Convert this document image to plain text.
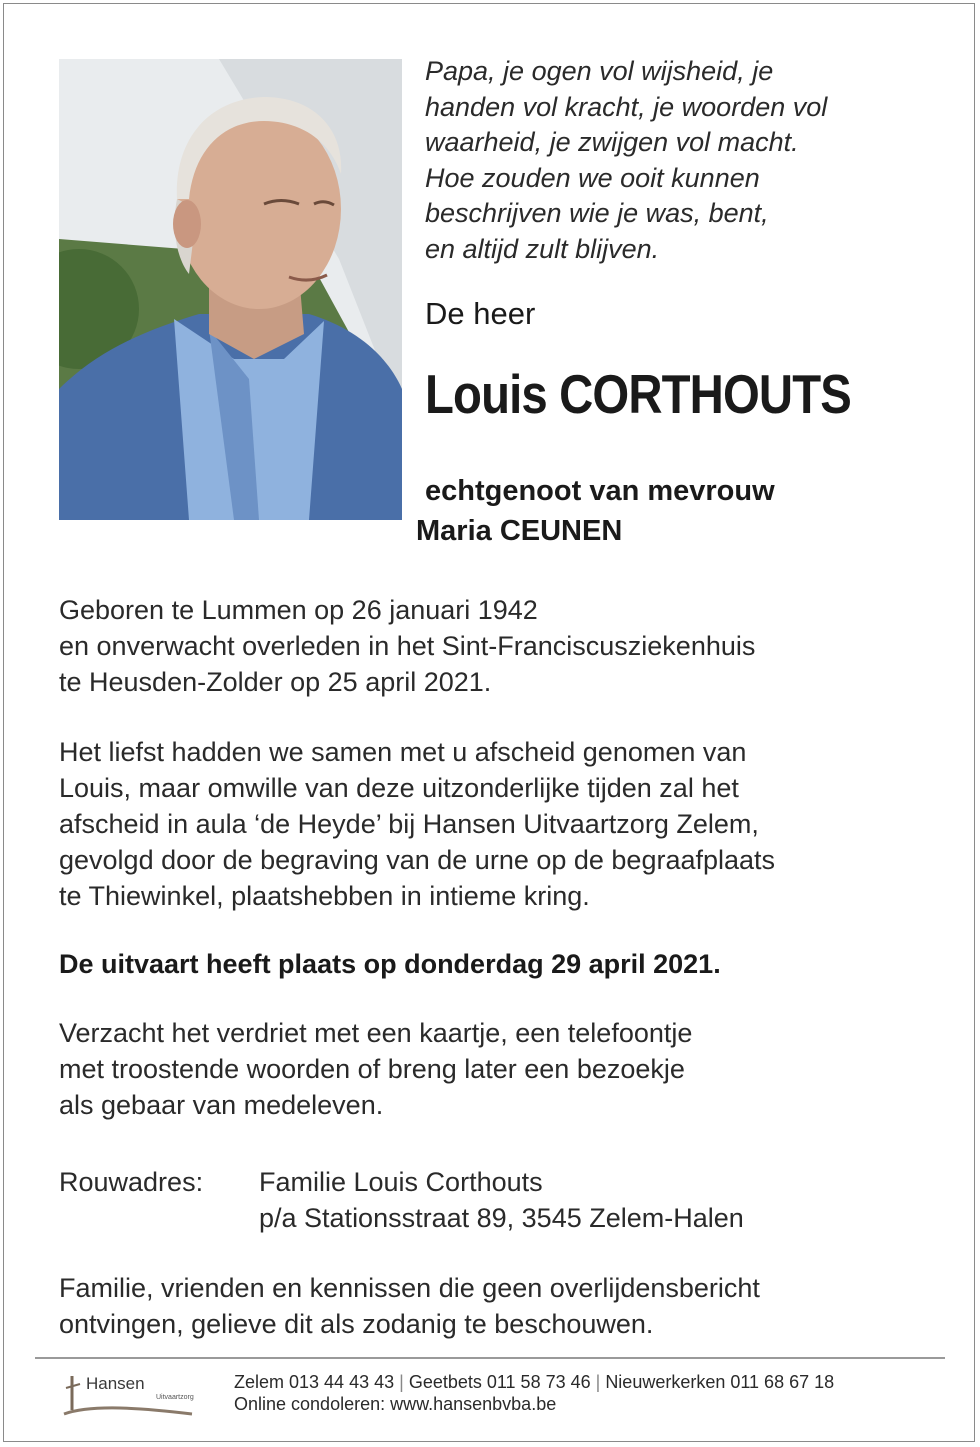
Papa, je ogen vol wijsheid, je
handen vol kracht, je woorden vol
waarheid, je zwijgen vol macht.
Hoe zouden we ooit kunnen
beschrijven wie je was, bent,
en altijd zult blijven.
De heer
Louis CORTHOUTS
echtgenoot van mevrouw
Maria CEUNEN
Geboren te Lummen op 26 januari 1942
en onverwacht overleden in het Sint-Franciscusziekenhuis
te Heusden-Zolder op 25 april 2021.
Het liefst hadden we samen met u afscheid genomen van
Louis, maar omwille van deze uitzonderlijke tijden zal het
afscheid in aula ‘de Heyde’ bij Hansen Uitvaartzorg Zelem,
gevolgd door de begraving van de urne op de begraafplaats
te Thiewinkel, plaatshebben in intieme kring.
De uitvaart heeft plaats op donderdag 29 april 2021.
Verzacht het verdriet met een kaartje, een telefoontje
met troostende woorden of breng later een bezoekje
als gebaar van medeleven.
Rouwadres: Familie Louis Corthouts
p/a Stationsstraat 89, 3545 Zelem-Halen
Familie, vrienden en kennissen die geen overlijdensbericht
ontvingen, gelieve dit als zodanig te beschouwen.
Hansen
Uitvaartzorg
Zelem 013 44 43 43 | Geetbets 011 58 73 46 | Nieuwerkerken 011 68 67 18
Online condoleren: www.hansenbvba.be
